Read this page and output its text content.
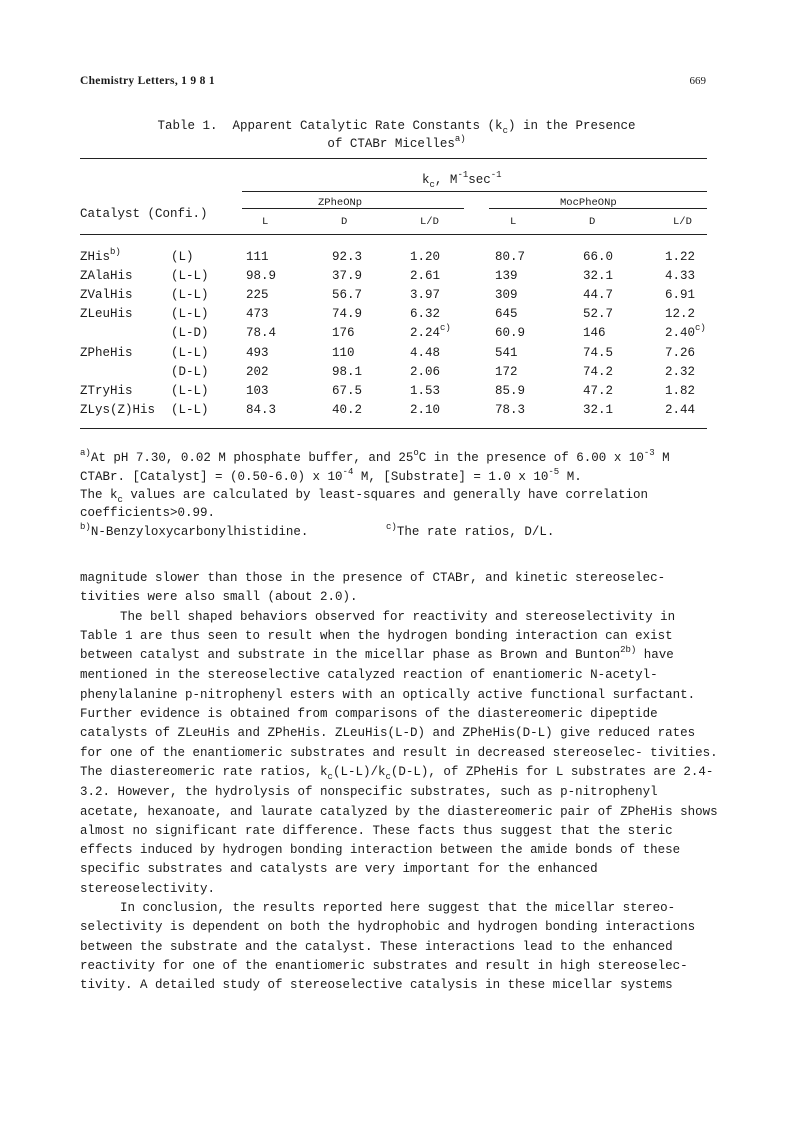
Chemistry Letters, 1 9 8 1	669
Table 1. Apparent Catalytic Rate Constants $(k_c)$ in the Presence
of CTABr Micelles$^{a)}$
$k_c$, $M^{-1}\sec^{-1}$
ZPheONp	MocPheONp
Catalyst (Confi.)
L	D	L/D	L	D	L/D
ZHis$^{b)}$	(L)	111	92.3	1.20	80.7	66.0	1.22
ZAlaHis	(L-L)	98.9	37.9	2.61	139	32.1	4.33
ZValHis	(L-L)	225	56.7	3.97	309	44.7	6.91
ZLeuHis	(L-L)	473	74.9	6.32	645	52.7	12.2
(L-D)	78.4	176	2.24$^{c)}$	60.9	146	2.40$^{c)}$
ZPheHis	(L-L)	493	110	4.48	541	74.5	7.26
(D-L)	202	98.1	2.06	172	74.2	2.32
ZTryHis	(L-L)	103	67.5	1.53	85.9	47.2	1.82
ZLys(Z)His (L-L)	84.3	40.2	2.10	78.3	32.1	2.44
$^{a)}$At pH 7.30, 0.02 M phosphate buffer, and 25$^o$C in the presence of 6.00 x $10^{-3}$ M
CTABr. [Catalyst] = (0.50-6.0) x $10^{-4}$ M, [Substrate] = 1.0 x $10^{-5}$ M.
The $k_c$ values are calculated by least-squares and generally have correlation
coefficients>0.99.
$^{b)}$N-Benzyloxycarbonylhistidine.	$^{c)}$The rate ratios, D/L.

magnitude slower than those in the presence of CTABr, and kinetic stereoselec- tivities were also small (about 2.0).

The bell shaped behaviors observed for reactivity and stereoselectivity in Table 1 are thus seen to result when the hydrogen bonding interaction can exist between catalyst and substrate in the micellar phase as Brown and Bunton$^{2b)}$ have mentioned in the stereoselective catalyzed reaction of enantiomeric N-acetyl- phenylalanine p-nitrophenyl esters with an optically active functional surfactant. Further evidence is obtained from comparisons of the diastereomeric dipeptide catalysts of ZLeuHis and ZPheHis. ZLeuHis(L-D) and ZPheHis(D-L) give reduced rates for one of the enantiomeric substrates and result in decreased stereoselec- tivities. The diastereomeric rate ratios, $k_c(L-L)/k_c(D-L)$, of ZPheHis for L substrates are 2.4-3.2. However, the hydrolysis of nonspecific substrates, such as p-nitrophenyl acetate, hexanoate, and laurate catalyzed by the diastereomeric pair of ZPheHis shows almost no significant rate difference. These facts thus suggest that the steric effects induced by hydrogen bonding interaction between the amide bonds of these specific substrates and catalysts are very important for the enhanced stereoselectivity.

In conclusion, the results reported here suggest that the micellar stereo- selectivity is dependent on both the hydrophobic and hydrogen bonding interactions between the substrate and the catalyst. These interactions lead to the enhanced reactivity for one of the enantiomeric substrates and result in high stereoselec- tivity. A detailed study of stereoselective catalysis in these micellar systems
